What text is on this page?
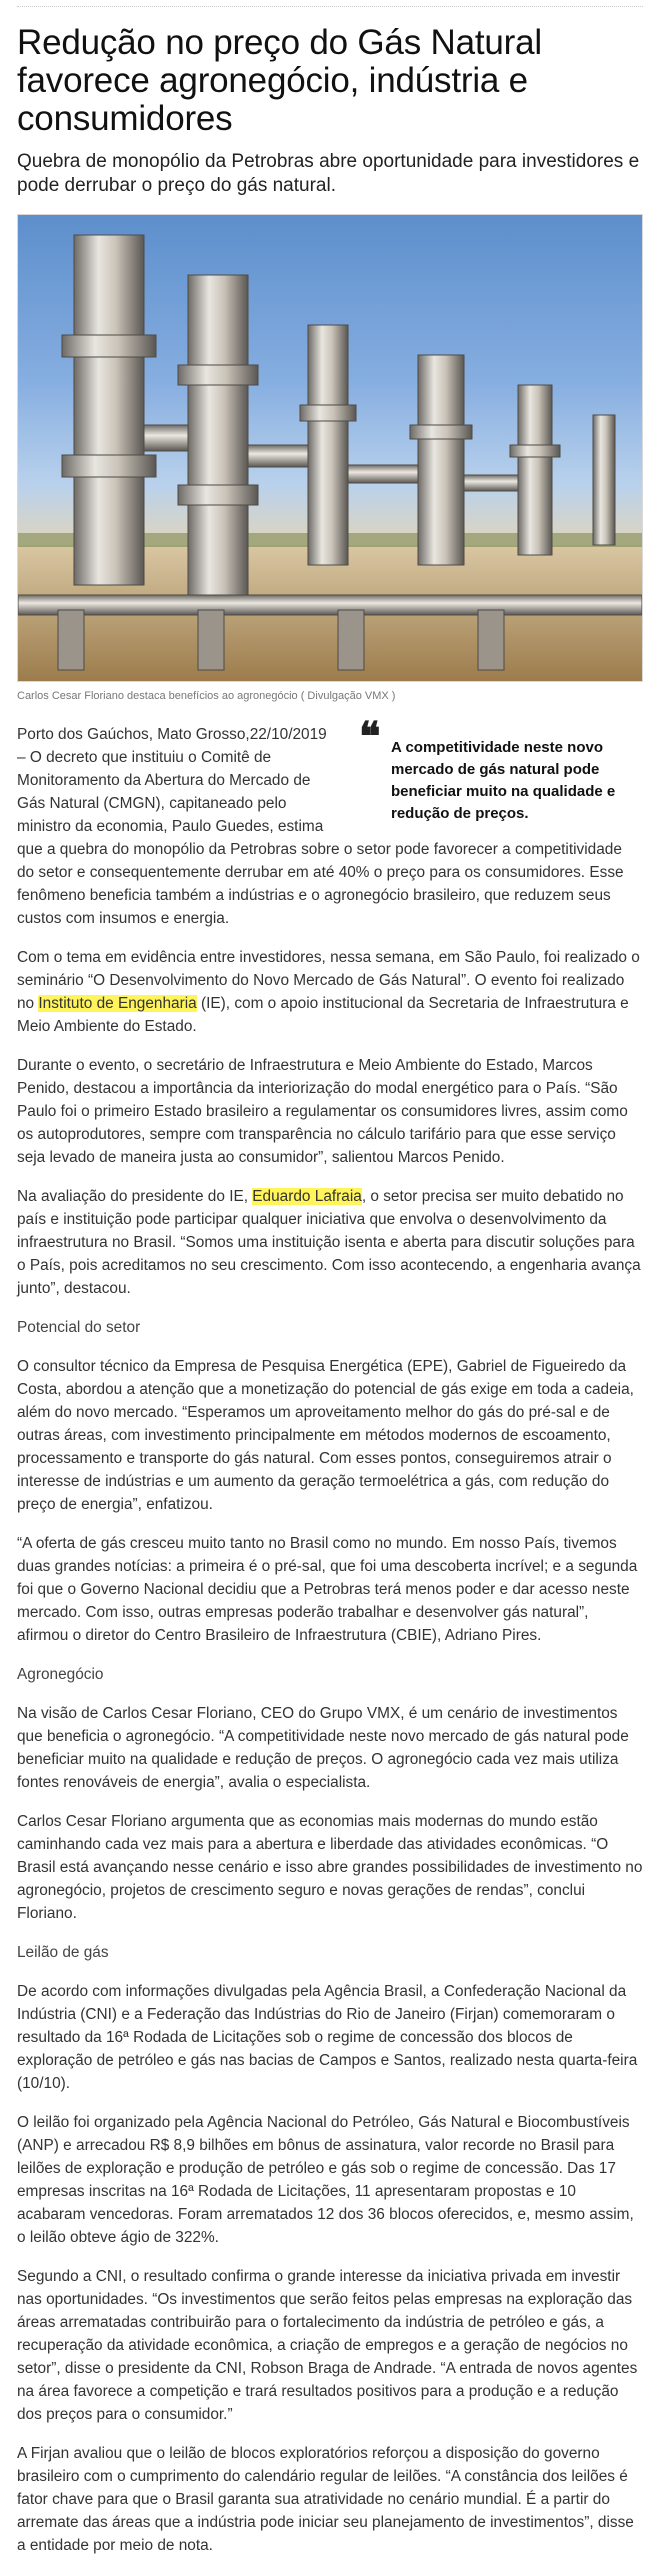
Redução no preço do Gás Natural favorece agronegócio, indústria e consumidores

Quebra de monopólio da Petrobras abre oportunidade para investidores e pode derrubar o preço do gás natural.

Carlos Cesar Floriano destaca benefícios ao agronegócio ( Divulgação VMX )
❝ A competitividade neste novo mercado de gás natural pode beneficiar muito na qualidade e redução de preços.

Porto dos Gaúchos, Mato Grosso,22/10/2019 – O decreto que instituiu o Comitê de Monitoramento da Abertura do Mercado de Gás Natural (CMGN), capitaneado pelo ministro da economia, Paulo Guedes, estima que a quebra do monopólio da Petrobras sobre o setor pode favorecer a competitividade do setor e consequentemente derrubar em até 40% o preço para os consumidores. Esse fenômeno beneficia também a indústrias e o agronegócio brasileiro, que reduzem seus custos com insumos e energia.

Com o tema em evidência entre investidores, nessa semana, em São Paulo, foi realizado o seminário “O Desenvolvimento do Novo Mercado de Gás Natural”. O evento foi realizado no Instituto de Engenharia (IE), com o apoio institucional da Secretaria de Infraestrutura e Meio Ambiente do Estado.

Durante o evento, o secretário de Infraestrutura e Meio Ambiente do Estado, Marcos Penido, destacou a importância da interiorização do modal energético para o País. “São Paulo foi o primeiro Estado brasileiro a regulamentar os consumidores livres, assim como os autoprodutores, sempre com transparência no cálculo tarifário para que esse serviço seja levado de maneira justa ao consumidor”, salientou Marcos Penido.

Na avaliação do presidente do IE, Eduardo Lafraia, o setor precisa ser muito debatido no país e instituição pode participar qualquer iniciativa que envolva o desenvolvimento da infraestrutura no Brasil. “Somos uma instituição isenta e aberta para discutir soluções para o País, pois acreditamos no seu crescimento. Com isso acontecendo, a engenharia avança junto”, destacou.

Potencial do setor

O consultor técnico da Empresa de Pesquisa Energética (EPE), Gabriel de Figueiredo da Costa, abordou a atenção que a monetização do potencial de gás exige em toda a cadeia, além do novo mercado. “Esperamos um aproveitamento melhor do gás do pré-sal e de outras áreas, com investimento principalmente em métodos modernos de escoamento, processamento e transporte do gás natural. Com esses pontos, conseguiremos atrair o interesse de indústrias e um aumento da geração termoelétrica a gás, com redução do preço de energia”, enfatizou.

“A oferta de gás cresceu muito tanto no Brasil como no mundo. Em nosso País, tivemos duas grandes notícias: a primeira é o pré-sal, que foi uma descoberta incrível; e a segunda foi que o Governo Nacional decidiu que a Petrobras terá menos poder e dar acesso neste mercado. Com isso, outras empresas poderão trabalhar e desenvolver gás natural”, afirmou o diretor do Centro Brasileiro de Infraestrutura (CBIE), Adriano Pires.

Agronegócio

Na visão de Carlos Cesar Floriano, CEO do Grupo VMX, é um cenário de investimentos que beneficia o agronegócio. “A competitividade neste novo mercado de gás natural pode beneficiar muito na qualidade e redução de preços. O agronegócio cada vez mais utiliza fontes renováveis de energia”, avalia o especialista.

Carlos Cesar Floriano argumenta que as economias mais modernas do mundo estão caminhando cada vez mais para a abertura e liberdade das atividades econômicas. “O Brasil está avançando nesse cenário e isso abre grandes possibilidades de investimento no agronegócio, projetos de crescimento seguro e novas gerações de rendas”, conclui Floriano.

Leilão de gás

De acordo com informações divulgadas pela Agência Brasil, a Confederação Nacional da Indústria (CNI) e a Federação das Indústrias do Rio de Janeiro (Firjan) comemoraram o resultado da 16ª Rodada de Licitações sob o regime de concessão dos blocos de exploração de petróleo e gás nas bacias de Campos e Santos, realizado nesta quarta-feira (10/10).

O leilão foi organizado pela Agência Nacional do Petróleo, Gás Natural e Biocombustíveis (ANP) e arrecadou R$ 8,9 bilhões em bônus de assinatura, valor recorde no Brasil para leilões de exploração e produção de petróleo e gás sob o regime de concessão. Das 17 empresas inscritas na 16ª Rodada de Licitações, 11 apresentaram propostas e 10 acabaram vencedoras. Foram arrematados 12 dos 36 blocos oferecidos, e, mesmo assim, o leilão obteve ágio de 322%.

Segundo a CNI, o resultado confirma o grande interesse da iniciativa privada em investir nas oportunidades. “Os investimentos que serão feitos pelas empresas na exploração das áreas arrematadas contribuirão para o fortalecimento da indústria de petróleo e gás, a recuperação da atividade econômica, a criação de empregos e a geração de negócios no setor”, disse o presidente da CNI, Robson Braga de Andrade. “A entrada de novos agentes na área favorece a competição e trará resultados positivos para a produção e a redução dos preços para o consumidor.”

A Firjan avaliou que o leilão de blocos exploratórios reforçou a disposição do governo brasileiro com o cumprimento do calendário regular de leilões. “A constância dos leilões é fator chave para que o Brasil garanta sua atratividade no cenário mundial. É a partir do arremate das áreas que a indústria pode iniciar seu planejamento de investimentos”, disse a entidade por meio de nota.
